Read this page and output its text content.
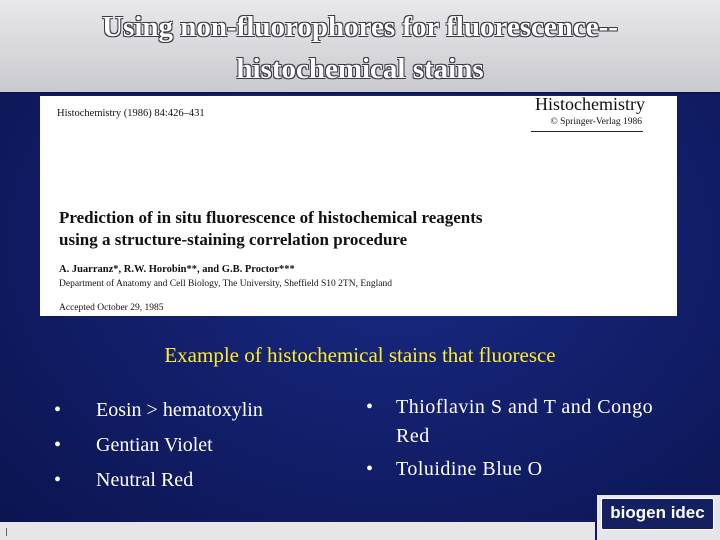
Using non-fluorophores for fluorescence--
histochemical stains
Histochemistry (1986) 84:426–431	Histochemistry
© Springer-Verlag 1986
Prediction of in situ fluorescence of histochemical reagents
using a structure-staining correlation procedure
A. Juarranz*, R.W. Horobin**, and G.B. Proctor***
Department of Anatomy and Cell Biology, The University, Sheffield S10 2TN, England
Accepted October 29, 1985
Example of histochemical stains that fluoresce
• Eosin > hematoxylin
• Gentian Violet
• Neutral Red
• Thioflavin S and T and Congo Red
• Toluidine Blue O
biogen idec
